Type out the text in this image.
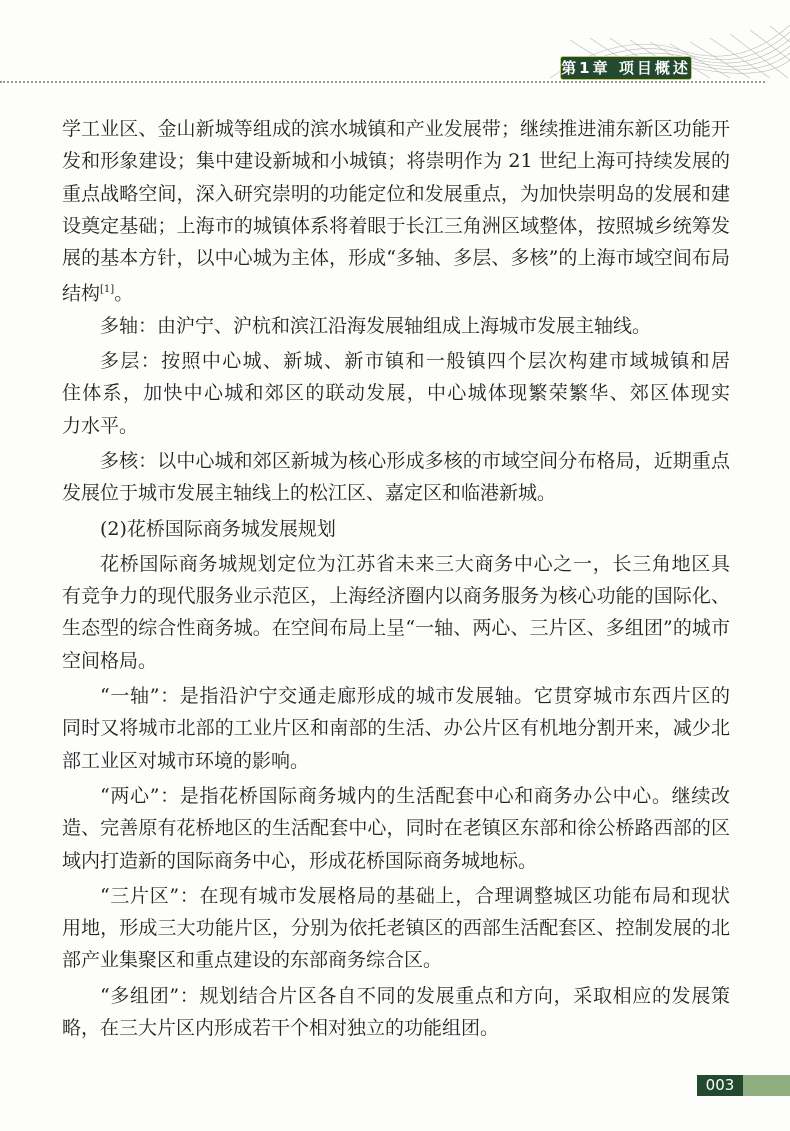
第1章 项目概述
学工业区、金山新城等组成的滨水城镇和产业发展带；继续推进浦东新区功能开
发和形象建设；集中建设新城和小城镇；将崇明作为 21 世纪上海可持续发展的
重点战略空间，深入研究崇明的功能定位和发展重点，为加快崇明岛的发展和建
设奠定基础；上海市的城镇体系将着眼于长江三角洲区域整体，按照城乡统筹发
展的基本方针，以中心城为主体，形成“多轴、多层、多核”的上海市域空间布局
结构[1]。
多轴：由沪宁、沪杭和滨江沿海发展轴组成上海城市发展主轴线。
多层：按照中心城、新城、新市镇和一般镇四个层次构建市域城镇和居
住体系，加快中心城和郊区的联动发展，中心城体现繁荣繁华、郊区体现实
力水平。
多核：以中心城和郊区新城为核心形成多核的市域空间分布格局，近期重点
发展位于城市发展主轴线上的松江区、嘉定区和临港新城。
(2)花桥国际商务城发展规划
花桥国际商务城规划定位为江苏省未来三大商务中心之一，长三角地区具
有竞争力的现代服务业示范区，上海经济圈内以商务服务为核心功能的国际化、
生态型的综合性商务城。在空间布局上呈“一轴、两心、三片区、多组团”的城市
空间格局。
“一轴”：是指沿沪宁交通走廊形成的城市发展轴。它贯穿城市东西片区的
同时又将城市北部的工业片区和南部的生活、办公片区有机地分割开来，减少北
部工业区对城市环境的影响。
“两心”：是指花桥国际商务城内的生活配套中心和商务办公中心。继续改
造、完善原有花桥地区的生活配套中心，同时在老镇区东部和徐公桥路西部的区
域内打造新的国际商务中心，形成花桥国际商务城地标。
“三片区”：在现有城市发展格局的基础上，合理调整城区功能布局和现状
用地，形成三大功能片区，分别为依托老镇区的西部生活配套区、控制发展的北
部产业集聚区和重点建设的东部商务综合区。
“多组团”：规划结合片区各自不同的发展重点和方向，采取相应的发展策
略，在三大片区内形成若干个相对独立的功能组团。
003
